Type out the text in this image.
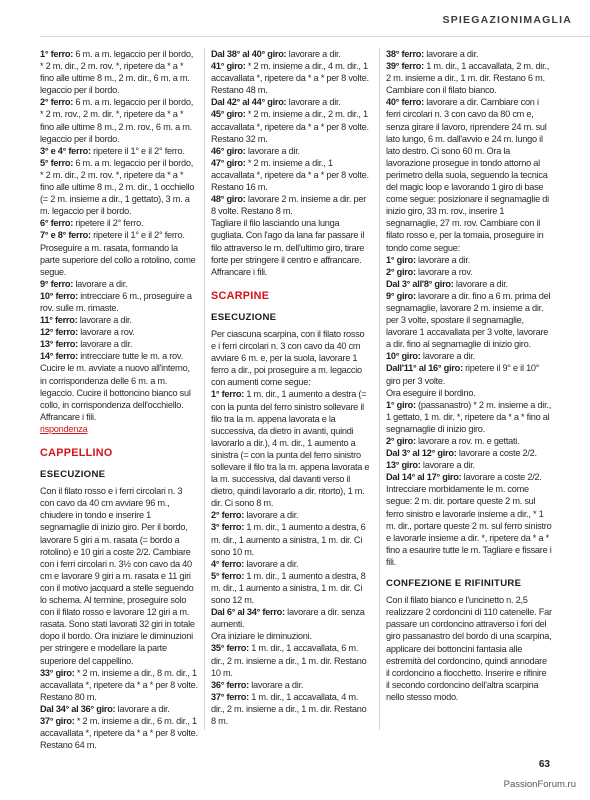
SPIEGAZIONIMAGLIA

1° ferro: 6 m. a m. legaccio per il bordo, * 2 m. dir., 2 m. rov. *, ripetere da * a * fino alle ultime 8 m., 2 m. dir., 6 m. a m. legaccio per il bordo.

2° ferro: 6 m. a m. legaccio per il bordo, * 2 m. rov., 2 m. dir. *, ripetere da * a * fino alle ultime 8 m., 2 m. rov., 6 m. a m. legaccio per il bordo.

3° e 4° ferro: ripetere il 1° e il 2° ferro.

5° ferro: 6 m. a m. legaccio per il bordo, * 2 m. dir., 2 m. rov. *, ripetere da * a * fino alle ultime 8 m., 2 m. dir., 1 occhiello (= 2 m. insieme a dir., 1 gettato), 3 m. a m. legaccio per il bordo.

6° ferro: ripetere il 2° ferro.

7° e 8° ferro: ripetere il 1° e il 2° ferro. Proseguire a m. rasata, formando la parte superiore del collo a rotolino, come segue.

9° ferro: lavorare a dir.

10° ferro: intrecciare 6 m., proseguire a rov. sulle m. rimaste.

11° ferro: lavorare a dir.

12° ferro: lavorare a rov.

13° ferro: lavorare a dir.

14° ferro: intrecciare tutte le m. a rov. Cucire le m. avviate a nuovo all'interno, in corrispondenza delle 6 m. a m. legaccio. Cucire il bottoncino bianco sul collo, in corrispondenza dell'occhiello. Affrancare i fili.

rispondenza

CAPPELLINO
ESECUZIONE

Con il filato rosso e i ferri circolari n. 3 con cavo da 40 cm avviare 96 m., chiudere in tondo e inserire 1 segnamaglie di inizio giro. Per il bordo, lavorare 5 giri a m. rasata (= bordo a rotolino) e 10 giri a coste 2/2. Cambiare con i ferri circolari n. 3½ con cavo da 40 cm e lavorare 9 giri a m. rasata e 11 giri con il motivo jacquard a stelle seguendo lo schema. Al termine, proseguire solo con il filato rosso e lavorare 12 giri a m. rasata. Sono stati lavorati 32 giri in totale dopo il bordo. Ora iniziare le diminuzioni per stringere e modellare la parte superiore del cappellino.

33° giro: * 2 m. insieme a dir., 8 m. dir., 1 accavallata *, ripetere da * a * per 8 volte. Restano 80 m.

Dal 34° al 36° giro: lavorare a dir.

37° giro: * 2 m. insieme a dir., 6 m. dir., 1 accavallata *, ripetere da * a * per 8 volte. Restano 64 m.

Dal 38° al 40° giro: lavorare a dir.

41° giro: * 2 m. insieme a dir., 4 m. dir., 1 accavallata *, ripetere da * a * per 8 volte. Restano 48 m.

Dal 42° al 44° giro: lavorare a dir.

45° giro: * 2 m. insieme a dir., 2 m. dir., 1 accavallata *, ripetere da * a * per 8 volte. Restano 32 m.

46° giro: lavorare a dir.

47° giro: * 2 m. insieme a dir., 1 accavallata *, ripetere da * a * per 8 volte. Restano 16 m.

48° giro: lavorare 2 m. insieme a dir. per 8 volte. Restano 8 m.

Tagliare il filo lasciando una lunga gugliata. Con l'ago da lana far passare il filo attraverso le m. dell'ultimo giro, tirare forte per stringere il centro e affrancare. Affrancare i fili.

SCARPINE
ESECUZIONE

Per ciascuna scarpina, con il filato rosso e i ferri circolari n. 3 con cavo da 40 cm avviare 6 m. e, per la suola, lavorare 1 ferro a dir., poi proseguire a m. legaccio con aumenti come segue:

1° ferro: 1 m. dir., 1 aumento a destra (= con la punta del ferro sinistro sollevare il filo tra la m. appena lavorata e la successiva, da dietro in avanti, quindi lavorarlo a dir.), 4 m. dir., 1 aumento a sinistra (= con la punta del ferro sinistro sollevare il filo tra la m. appena lavorata e la m. successiva, dal davanti verso il dietro, quindi lavorarlo a dir. ritorto), 1 m. dir. Ci sono 8 m.

2° ferro: lavorare a dir.

3° ferro: 1 m. dir., 1 aumento a destra, 6 m. dir., 1 aumento a sinistra, 1 m. dir. Ci sono 10 m.

4° ferro: lavorare a dir.

5° ferro: 1 m. dir., 1 aumento a destra, 8 m. dir., 1 aumento a sinistra, 1 m. dir. Ci sono 12 m.

Dal 6° al 34° ferro: lavorare a dir. senza aumenti.

Ora iniziare le diminuzioni.

35° ferro: 1 m. dir., 1 accavallata, 6 m. dir., 2 m. insieme a dir., 1 m. dir. Restano 10 m.

36° ferro: lavorare a dir.

37° ferro: 1 m. dir., 1 accavallata, 4 m. dir., 2 m. insieme a dir., 1 m. dir. Restano 8 m.

38° ferro: lavorare a dir.

39° ferro: 1 m. dir., 1 accavallata, 2 m. dir., 2 m. insieme a dir., 1 m. dir. Restano 6 m. Cambiare con il filato bianco.

40° ferro: lavorare a dir. Cambiare con i ferri circolari n. 3 con cavo da 80 cm e, senza girare il lavoro, riprendere 24 m. sul lato lungo, 6 m. dall'avvio e 24 m. lungo il lato destro. Ci sono 60 m. Ora la lavorazione prosegue in tondo attorno al perimetro della suola, seguendo la tecnica del magic loop e lavorando 1 giro di base come segue: posizionare il segnamaglie di inizio giro, 33 m. rov., inserire 1 segnamaglie, 27 m. rov. Cambiare con il filato rosso e, per la tomaia, proseguire in tondo come segue:

1° giro: lavorare a dir.

2° giro: lavorare a rov.

Dal 3° all'8° giro: lavorare a dir.

9° giro: lavorare a dir. fino a 6 m. prima del segnamaglie, lavorare 2 m. insieme a dir. per 3 volte, spostare il segnamaglie, lavorare 1 accavallata per 3 volte, lavorare a dir. fino al segnamaglie di inizio giro.

10° giro: lavorare a dir.

Dall'11° al 16° giro: ripetere il 9° e il 10° giro per 3 volte.

Ora eseguire il bordino.

1° giro: (passanastro) * 2 m. insieme a dir., 1 gettato, 1 m. dir. *, ripetere da * a * fino al segnamaglie di inizio giro.

2° giro: lavorare a rov. m. e gettati.

Dal 3° al 12° giro: lavorare a coste 2/2.

13° giro: lavorare a dir.

Dal 14° al 17° giro: lavorare a coste 2/2. Intrecciare morbidamente le m. come segue: 2 m. dir. portare queste 2 m. sul ferro sinistro e lavorarle insieme a dir., * 1 m. dir., portare queste 2 m. sul ferro sinistro e lavorarle insieme a dir. *, ripetere da * a * fino a esaurire tutte le m. Tagliare e fissare i fili.

CONFEZIONE E RIFINITURE

Con il filato bianco e l'uncinetto n. 2,5 realizzare 2 cordoncini di 110 catenelle. Far passare un cordoncino attraverso i fori del giro passanastro del bordo di una scarpina, applicare dei bottoncini fantasia alle estremità del cordoncino, quindi annodare il cordoncino a fiocchetto. Inserire e rifinire il secondo cordoncino dell'altra scarpina nello stesso modo.

63
PassionForum.ru
